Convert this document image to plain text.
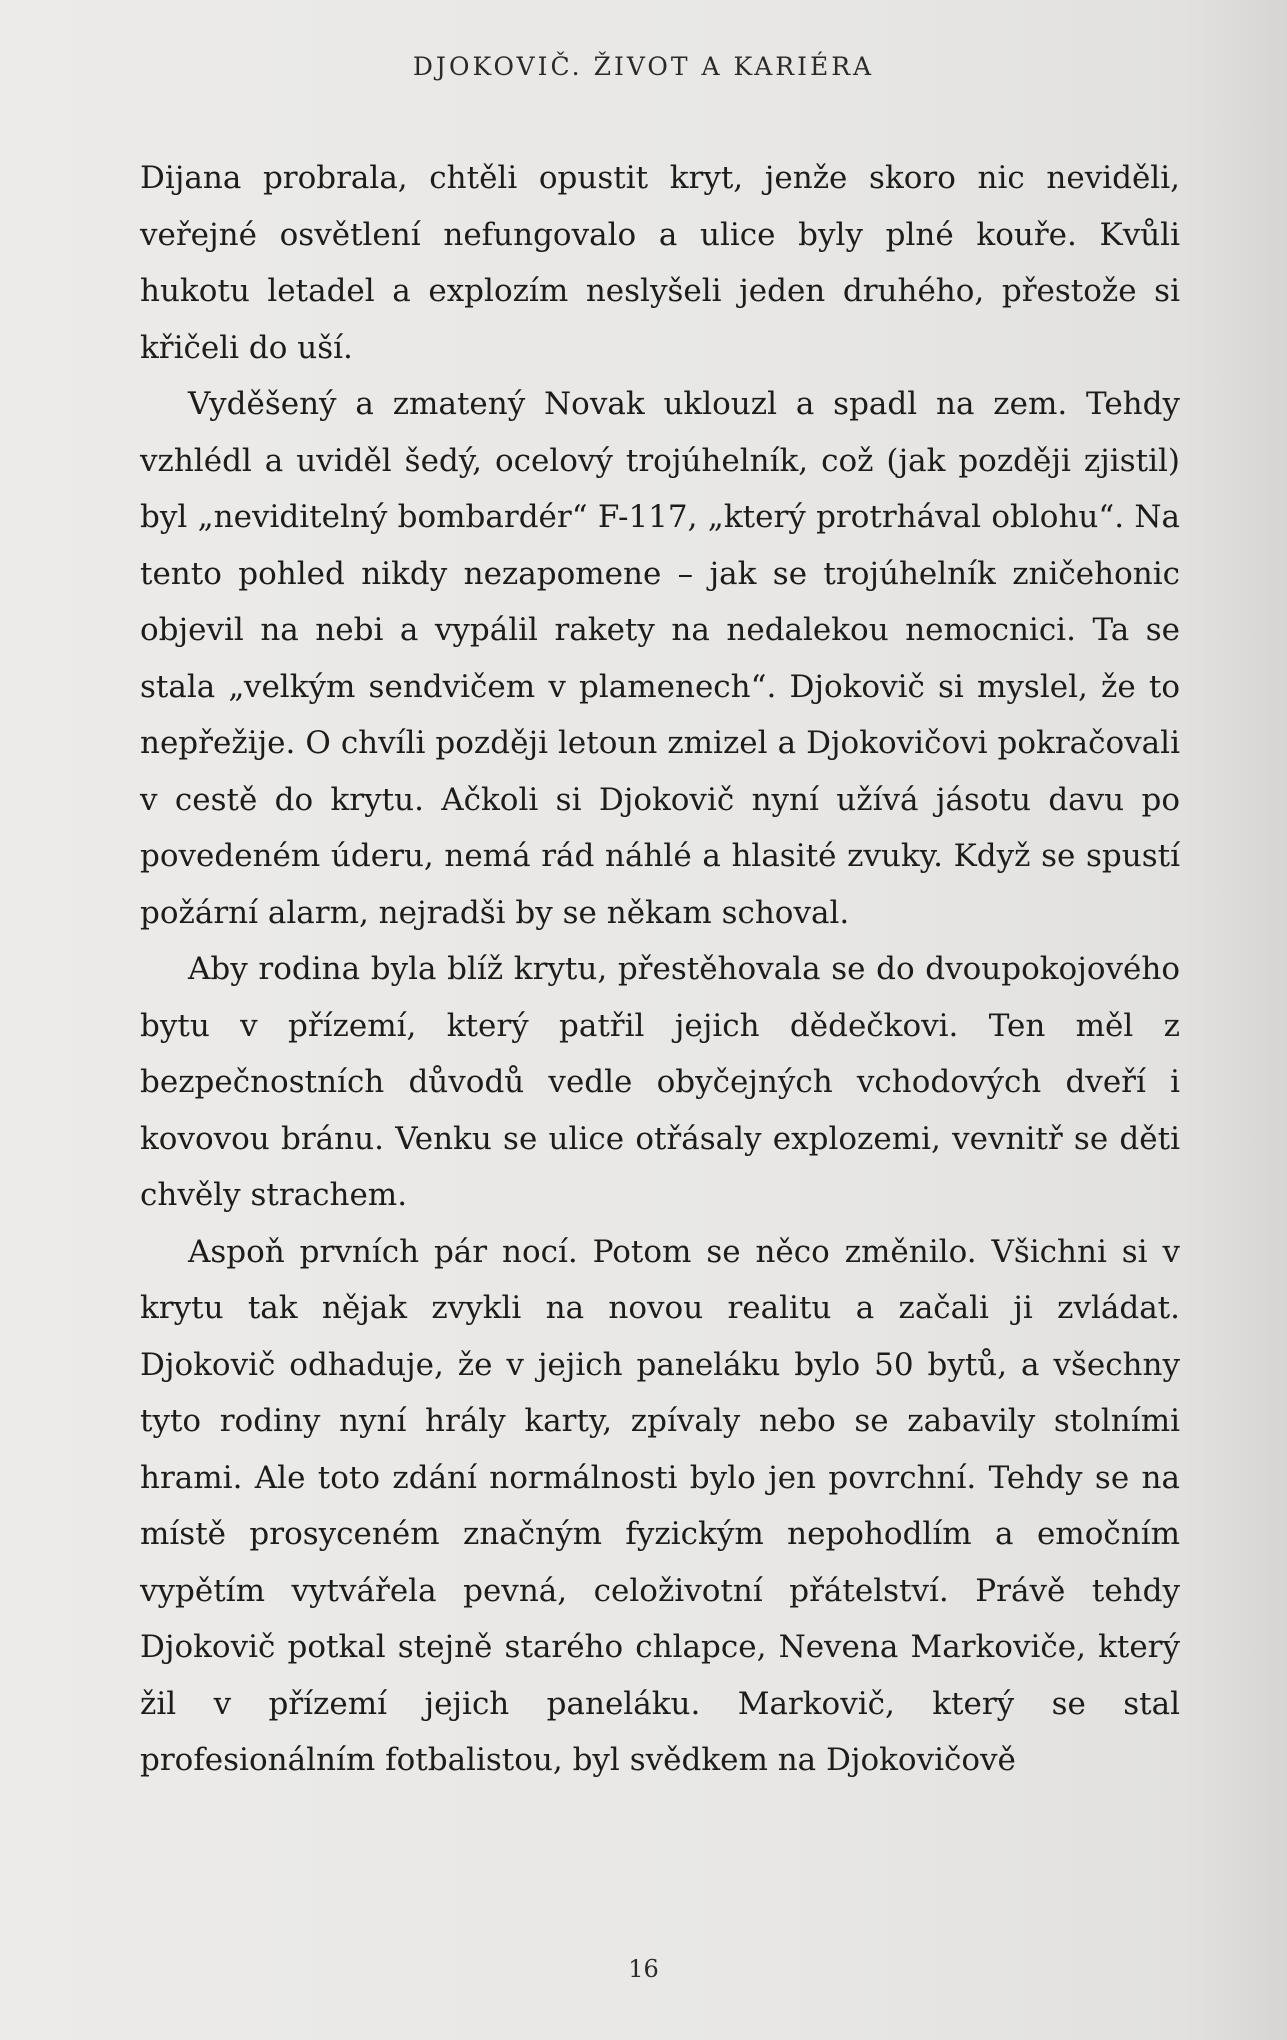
DJOKOVIČ. ŽIVOT A KARIÉRA

Dijana probrala, chtěli opustit kryt, jenže skoro nic neviděli, veřejné osvětlení nefungovalo a ulice byly plné kouře. Kvůli hukotu letadel a explozím neslyšeli jeden druhého, přestože si křičeli do uší.

Vyděšený a zmatený Novak uklouzl a spadl na zem. Tehdy vzhlédl a uviděl šedý, ocelový trojúhelník, což (jak později zjistil) byl „neviditelný bombardér“ F-117, „který protrhával oblohu“. Na tento pohled nikdy nezapomene – jak se trojúhelník zničehonic objevil na nebi a vypálil rakety na nedalekou nemocnici. Ta se stala „velkým sendvičem v plamenech“. Djokovič si myslel, že to nepřežije. O chvíli později letoun zmizel a Djokovičovi pokračovali v cestě do krytu. Ačkoli si Djokovič nyní užívá jásotu davu po povedeném úderu, nemá rád náhlé a hlasité zvuky. Když se spustí požární alarm, nejradši by se někam schoval.

Aby rodina byla blíž krytu, přestěhovala se do dvoupokojového bytu v přízemí, který patřil jejich dědečkovi. Ten měl z bezpečnostních důvodů vedle obyčejných vchodových dveří i kovovou bránu. Venku se ulice otřásaly explozemi, vevnitř se děti chvěly strachem.

Aspoň prvních pár nocí. Potom se něco změnilo. Všichni si v krytu tak nějak zvykli na novou realitu a začali ji zvládat. Djokovič odhaduje, že v jejich paneláku bylo 50 bytů, a všechny tyto rodiny nyní hrály karty, zpívaly nebo se zabavily stolními hrami. Ale toto zdání normálnosti bylo jen povrchní. Tehdy se na místě prosyceném značným fyzickým nepohodlím a emočním vypětím vytvářela pevná, celoživotní přátelství. Právě tehdy Djokovič potkal stejně starého chlapce, Nevena Markoviče, který žil v přízemí jejich paneláku. Markovič, který se stal profesionálním fotbalistou, byl svědkem na Djokovičově

16
